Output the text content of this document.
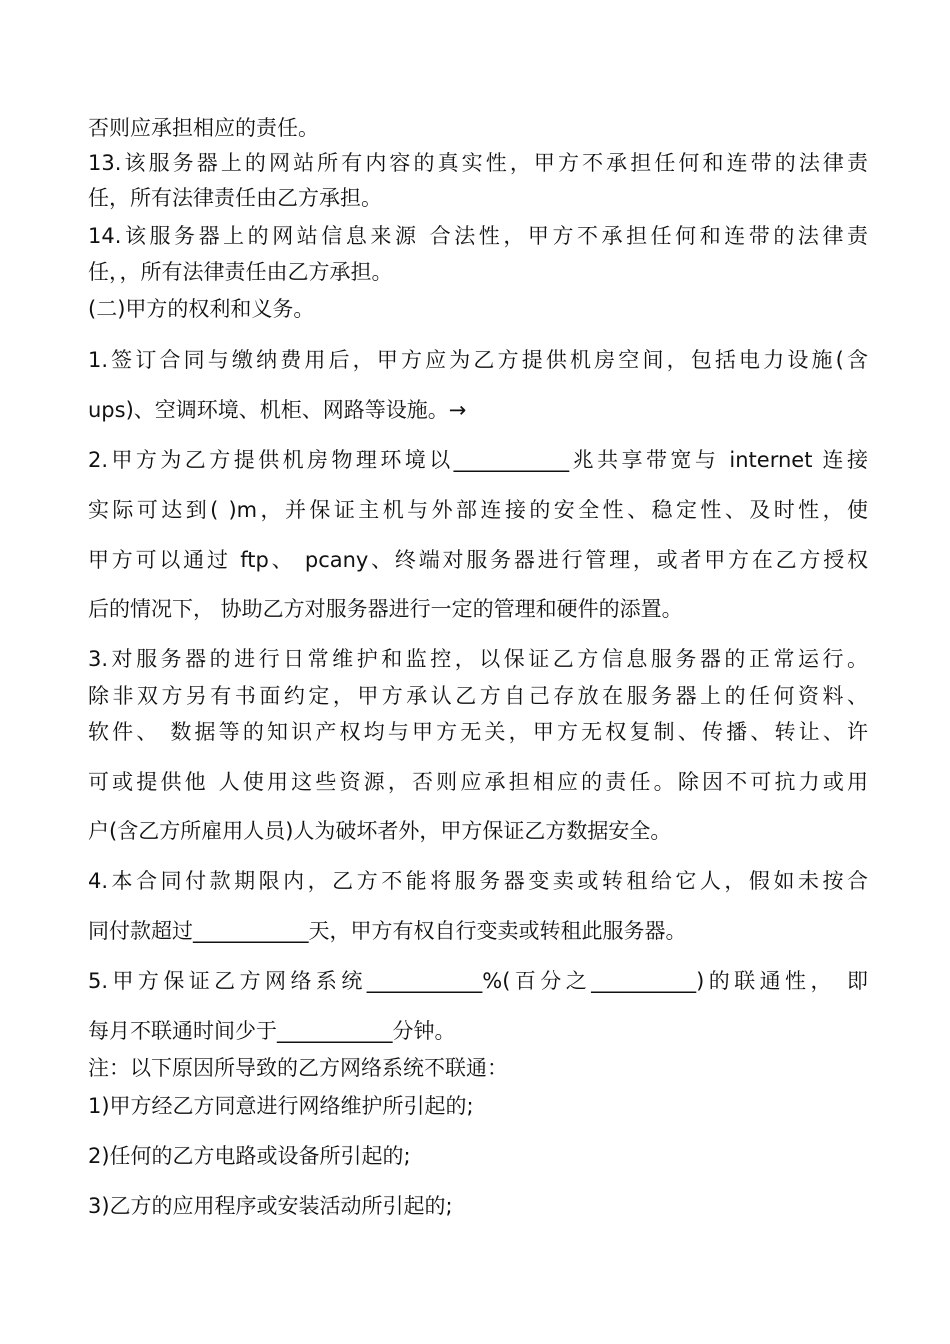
否则应承担相应的责任。
13.该服务器上的网站所有内容的真实性，甲方不承担任何和连带的法律责
任，所有法律责任由乙方承担。
14.该服务器上的网站信息来源 合法性，甲方不承担任何和连带的法律责
任，，所有法律责任由乙方承担。
(二)甲方的权利和义务。
1.签订合同与缴纳费用后，甲方应为乙方提供机房空间，包括电力设施(含
ups)、空调环境、机柜、网路等设施。→
2.甲方为乙方提供机房物理环境以___________兆共享带宽与 internet 连接
实际可达到( )m，并保证主机与外部连接的安全性、稳定性、及时性，使
甲方可以通过 ftp、 pcany、终端对服务器进行管理，或者甲方在乙方授权
后的情况下， 协助乙方对服务器进行一定的管理和硬件的添置。
3.对服务器的进行日常维护和监控，以保证乙方信息服务器的正常运行。
除非双方另有书面约定，甲方承认乙方自己存放在服务器上的任何资料、
软件、 数据等的知识产权均与甲方无关，甲方无权复制、传播、转让、许
可或提供他 人使用这些资源，否则应承担相应的责任。除因不可抗力或用
户(含乙方所雇用人员)人为破坏者外，甲方保证乙方数据安全。
4.本合同付款期限内，乙方不能将服务器变卖或转租给它人，假如未按合
同付款超过___________天，甲方有权自行变卖或转租此服务器。
5.甲方保证乙方网络系统___________%(百分之__________)的联通性， 即
每月不联通时间少于___________分钟。
注：以下原因所导致的乙方网络系统不联通：
1)甲方经乙方同意进行网络维护所引起的;
2)任何的乙方电路或设备所引起的;
3)乙方的应用程序或安装活动所引起的;
